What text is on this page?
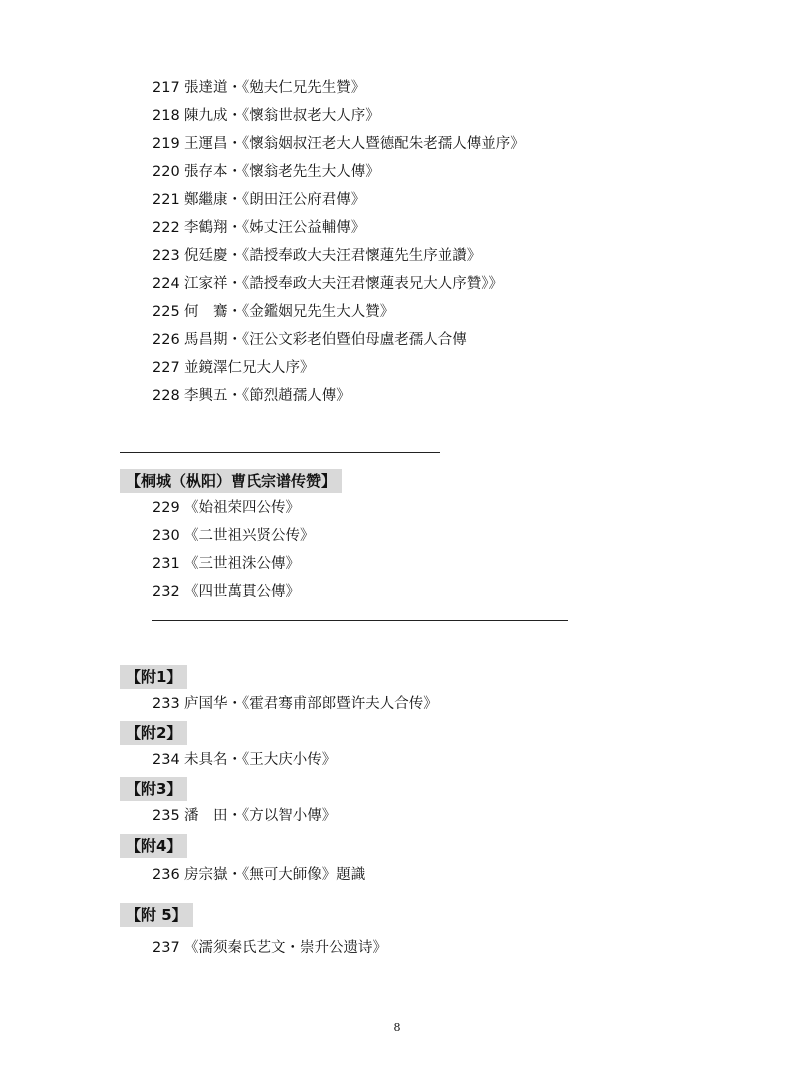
217 張達道・《勉夫仁兄先生贊》
218 陳九成・《懷翁世叔老大人序》
219 王運昌・《懷翁姻叔汪老大人暨德配朱老孺人傳並序》
220 張存本・《懷翁老先生大人傳》
221 鄭繼康・《朗田汪公府君傳》
222 李鶴翔・《姊丈汪公益輔傳》
223 倪廷慶・《誥授奉政大夫汪君懷蓮先生序並讚》
224 江家祥・《誥授奉政大夫汪君懷蓮表兄大人序贊》》
225 何　鶱・《金鑑姻兄先生大人贊》
226 馬昌期・《汪公文彩老伯暨伯母盧老孺人合傳
227 並鏡澤仁兄大人序》
228 李興五・《節烈趙孺人傳》
【桐城（枞阳）曹氏宗谱传赞】
229 《始祖荣四公传》
230 《二世祖兴贤公传》
231 《三世祖洙公傳》
232 《四世萬貫公傳》
【附1】
233 庐国华・《霍君骞甫部郎暨许夫人合传》
【附2】
234 未具名・《王大庆小传》
【附3】
235 潘　田・《方以智小傳》
【附4】
236 房宗嶽・《無可大師像》題識
【附 5】
237 《濡须秦氏艺文・崇升公遗诗》
8
